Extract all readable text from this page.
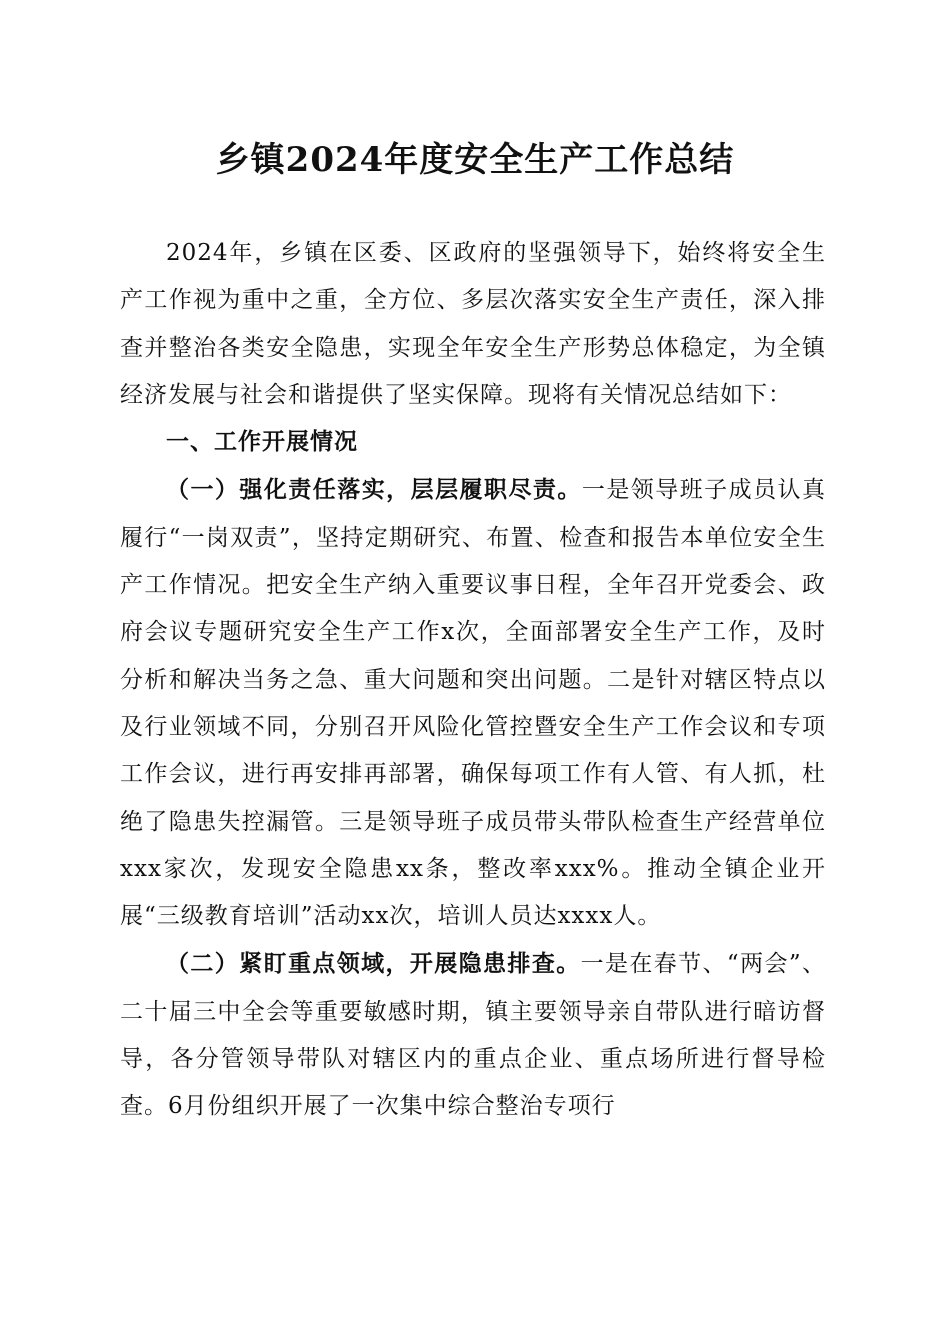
乡镇2024年度安全生产工作总结

2024年，乡镇在区委、区政府的坚强领导下，始终将安全生产工作视为重中之重，全方位、多层次落实安全生产责任，深入排查并整治各类安全隐患，实现全年安全生产形势总体稳定，为全镇经济发展与社会和谐提供了坚实保障。现将有关情况总结如下：

一、工作开展情况

（一）强化责任落实，层层履职尽责。一是领导班子成员认真履行“一岗双责”，坚持定期研究、布置、检查和报告本单位安全生产工作情况。把安全生产纳入重要议事日程，全年召开党委会、政府会议专题研究安全生产工作x次，全面部署安全生产工作，及时分析和解决当务之急、重大问题和突出问题。二是针对辖区特点以及行业领域不同，分别召开风险化管控暨安全生产工作会议和专项工作会议，进行再安排再部署，确保每项工作有人管、有人抓，杜绝了隐患失控漏管。三是领导班子成员带头带队检查生产经营单位xxx家次，发现安全隐患xx条，整改率xxx%。推动全镇企业开展“三级教育培训”活动xx次，培训人员达xxxx人。

（二）紧盯重点领域，开展隐患排查。一是在春节、“两会”、二十届三中全会等重要敏感时期，镇主要领导亲自带队进行暗访督导，各分管领导带队对辖区内的重点企业、重点场所进行督导检查。6月份组织开展了一次集中综合整治专项行
